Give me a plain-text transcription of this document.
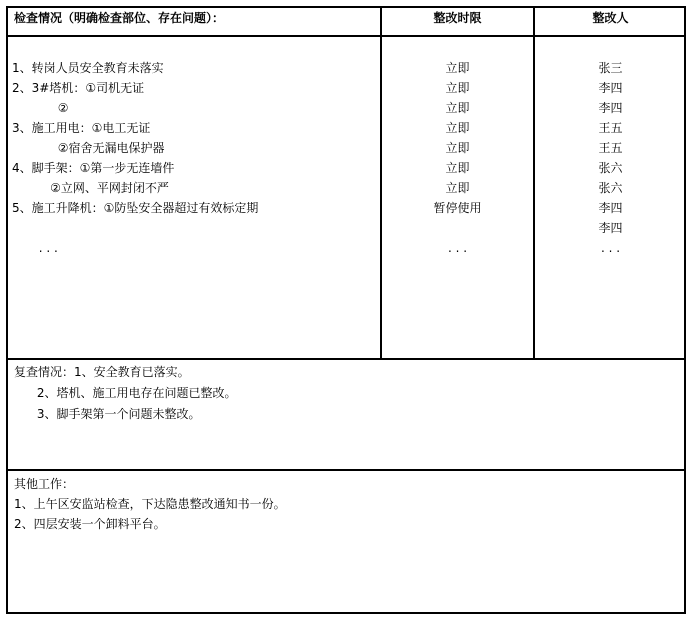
检查情况（明确检查部位、存在问题）：	整改时限	整改人
1、转岗人员安全教育未落实
2、3#塔机：①司机无证
②
3、施工用电：①电工无证
②宿舍无漏电保护器
4、脚手架：①第一步无连墙件
②立网、平网封闭不严
5、施工升降机：①防坠安全器超过有效标定期
. . .
立即
立即
立即
立即
立即
立即
立即
暂停使用
. . .
张三
李四
李四
王五
王五
张六
张六
李四
李四
. . .
复查情况：1、安全教育已落实。
2、塔机、施工用电存在问题已整改。
3、脚手架第一个问题未整改。
其他工作：
1、上午区安监站检查，下达隐患整改通知书一份。
2、四层安装一个卸料平台。
